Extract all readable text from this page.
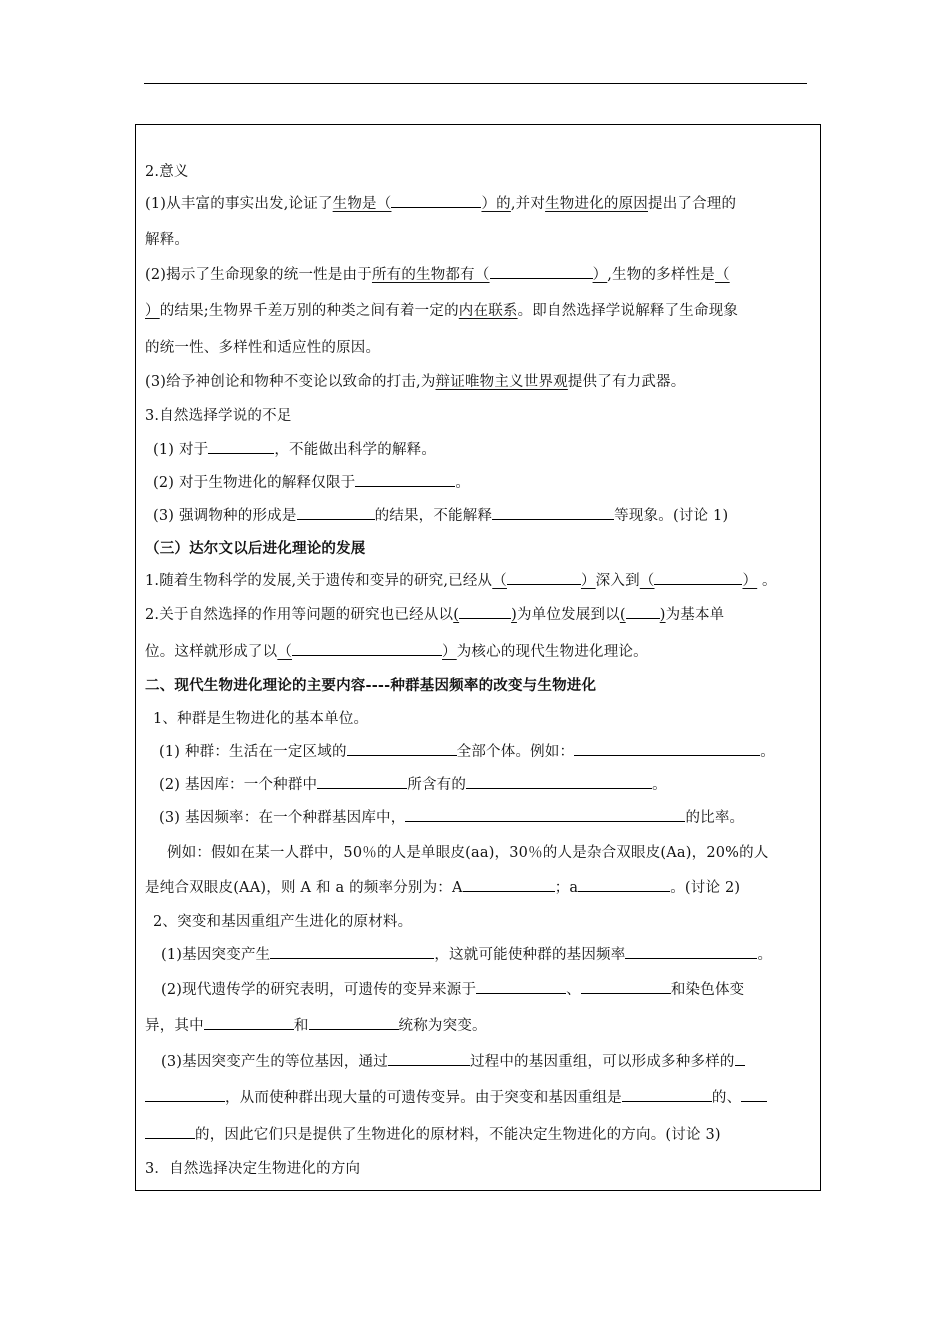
2.意义
(1)从丰富的事实出发,论证了生物是（	）的,并对生物进化的原因提出了合理的
解释。
(2)揭示了生命现象的统一性是由于所有的生物都有（	）,生物的多样性是（
）的结果;生物界千差万别的种类之间有着一定的内在联系。即自然选择学说解释了生命现象
的统一性、多样性和适应性的原因。
(3)给予神创论和物种不变论以致命的打击,为辩证唯物主义世界观提供了有力武器。
3.自然选择学说的不足
(1) 对于	，不能做出科学的解释。
(2) 对于生物进化的解释仅限于	。
(3) 强调物种的形成是	的结果，不能解释	等现象。(讨论 1)
（三）达尔文以后进化理论的发展
1.随着生物科学的发展,关于遗传和变异的研究,已经从（	）深入到（	） 。
2.关于自然选择的作用等问题的研究也已经从以(	)为单位发展到以( )为基本单
位。这样就形成了以（	）为核心的现代生物进化理论。
二、现代生物进化理论的主要内容----种群基因频率的改变与生物进化
1、种群是生物进化的基本单位。
(1) 种群：生活在一定区域的	全部个体。例如：	。
(2) 基因库：一个种群中	所含有的	。
(3) 基因频率：在一个种群基因库中，	的比率。
例如：假如在某一人群中，50％的人是单眼皮(aa)，30％的人是杂合双眼皮(Aa)，20%的人
是纯合双眼皮(AA)，则 A 和 a 的频率分别为：A	；a	。(讨论 2)
2、突变和基因重组产生进化的原材料。
(1)基因突变产生	，这就可能使种群的基因频率	。
(2)现代遗传学的研究表明，可遗传的变异来源于	、	和染色体变
异，其中	和	统称为突变。
(3)基因突变产生的等位基因，通过	过程中的基因重组，可以形成多种多样的
，从而使种群出现大量的可遗传变异。由于突变和基因重组是	的、
的，因此它们只是提供了生物进化的原材料，不能决定生物进化的方向。(讨论 3)
3．自然选择决定生物进化的方向
